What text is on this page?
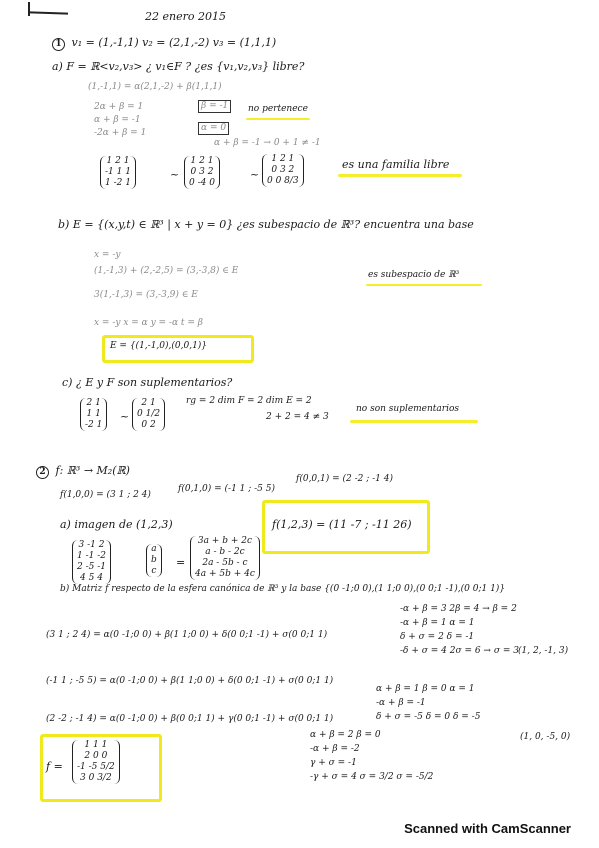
22 enero 2015
1 v₁ = (1,-1,1) v₂ = (2,1,-2) v₃ = (1,1,1)
a) F = ℝ<v₂,v₃> ¿ v₁∈F ? ¿es {v₁,v₂,v₃} libre?
(1,-1,1) = α(2,1,-2) + β(1,1,1)
2α + β = 1
α + β = -1
-2α + β = 1
β = -1
α = 0
α + β = -1 → 0 + 1 ≠ -1
no pertenece
1 2 1
-1 1 1
1 -2 1
~
1 2 1
0 3 2
0 -4 0
~
1 2 1
0 3 2
0 0 8/3
es una familia libre
b) E = {(x,y,t) ∈ ℝ³ | x + y = 0} ¿es subespacio de ℝ³? encuentra una base
x = -y
(1,-1,3) + (2,-2,5) = (3,-3,8) ∈ E
3(1,-1,3) = (3,-3,9) ∈ E
es subespacio de ℝ³
x = -y x = α y = -α t = β
E = {(1,-1,0),(0,0,1)}
c) ¿ E y F son suplementarios?
2 1
1 1
-2 1
~
2 1
0 1/2
0 2
rg = 2 dim F = 2 dim E = 2
2 + 2 = 4 ≠ 3
no son suplementarios
2 f: ℝ³ → M₂(ℝ)
f(1,0,0) = (3 1 ; 2 4)
f(0,1,0) = (-1 1 ; -5 5)
f(0,0,1) = (2 -2 ; -1 4)
a) imagen de (1,2,3)
3 -1 2
1 -1 -2
2 -5 -1
4 5 4
a
b
c
=
3a + b + 2c
a - b - 2c
2a - 5b - c
4a + 5b + 4c
f(1,2,3) = (11 -7 ; -11 26)
b) Matriz f respecto de la esfera canónica de ℝ³ y la base {(0 -1;0 0),(1 1;0 0),(0 0;1 -1),(0 0;1 1)}
(3 1 ; 2 4) = α(0 -1;0 0) + β(1 1;0 0) + δ(0 0;1 -1) + σ(0 0;1 1)
(-1 1 ; -5 5) = α(0 -1;0 0) + β(1 1;0 0) + δ(0 0;1 -1) + σ(0 0;1 1)
(2 -2 ; -1 4) = α(0 -1;0 0) + β(0 0;1 1) + γ(0 0;1 -1) + σ(0 0;1 1)
-α + β = 3 2β = 4 → β = 2
-α + β = 1 α = 1
δ + σ = 2 δ = -1
-δ + σ = 4 2σ = 6 → σ = 3 (1, 2, -1, 3)
α + β = 1 β = 0 α = 1
-α + β = -1
δ + σ = -5 δ = 0 δ = -5
(1, 0, -5, 0)
α + β = 2 β = 0
-α + β = -2
γ + σ = -1
-γ + σ = 4 σ = 3/2 σ = -5/2
f =
1 1 1
2 0 0
-1 -5 5/2
3 0 3/2
Scanned with CamScanner
